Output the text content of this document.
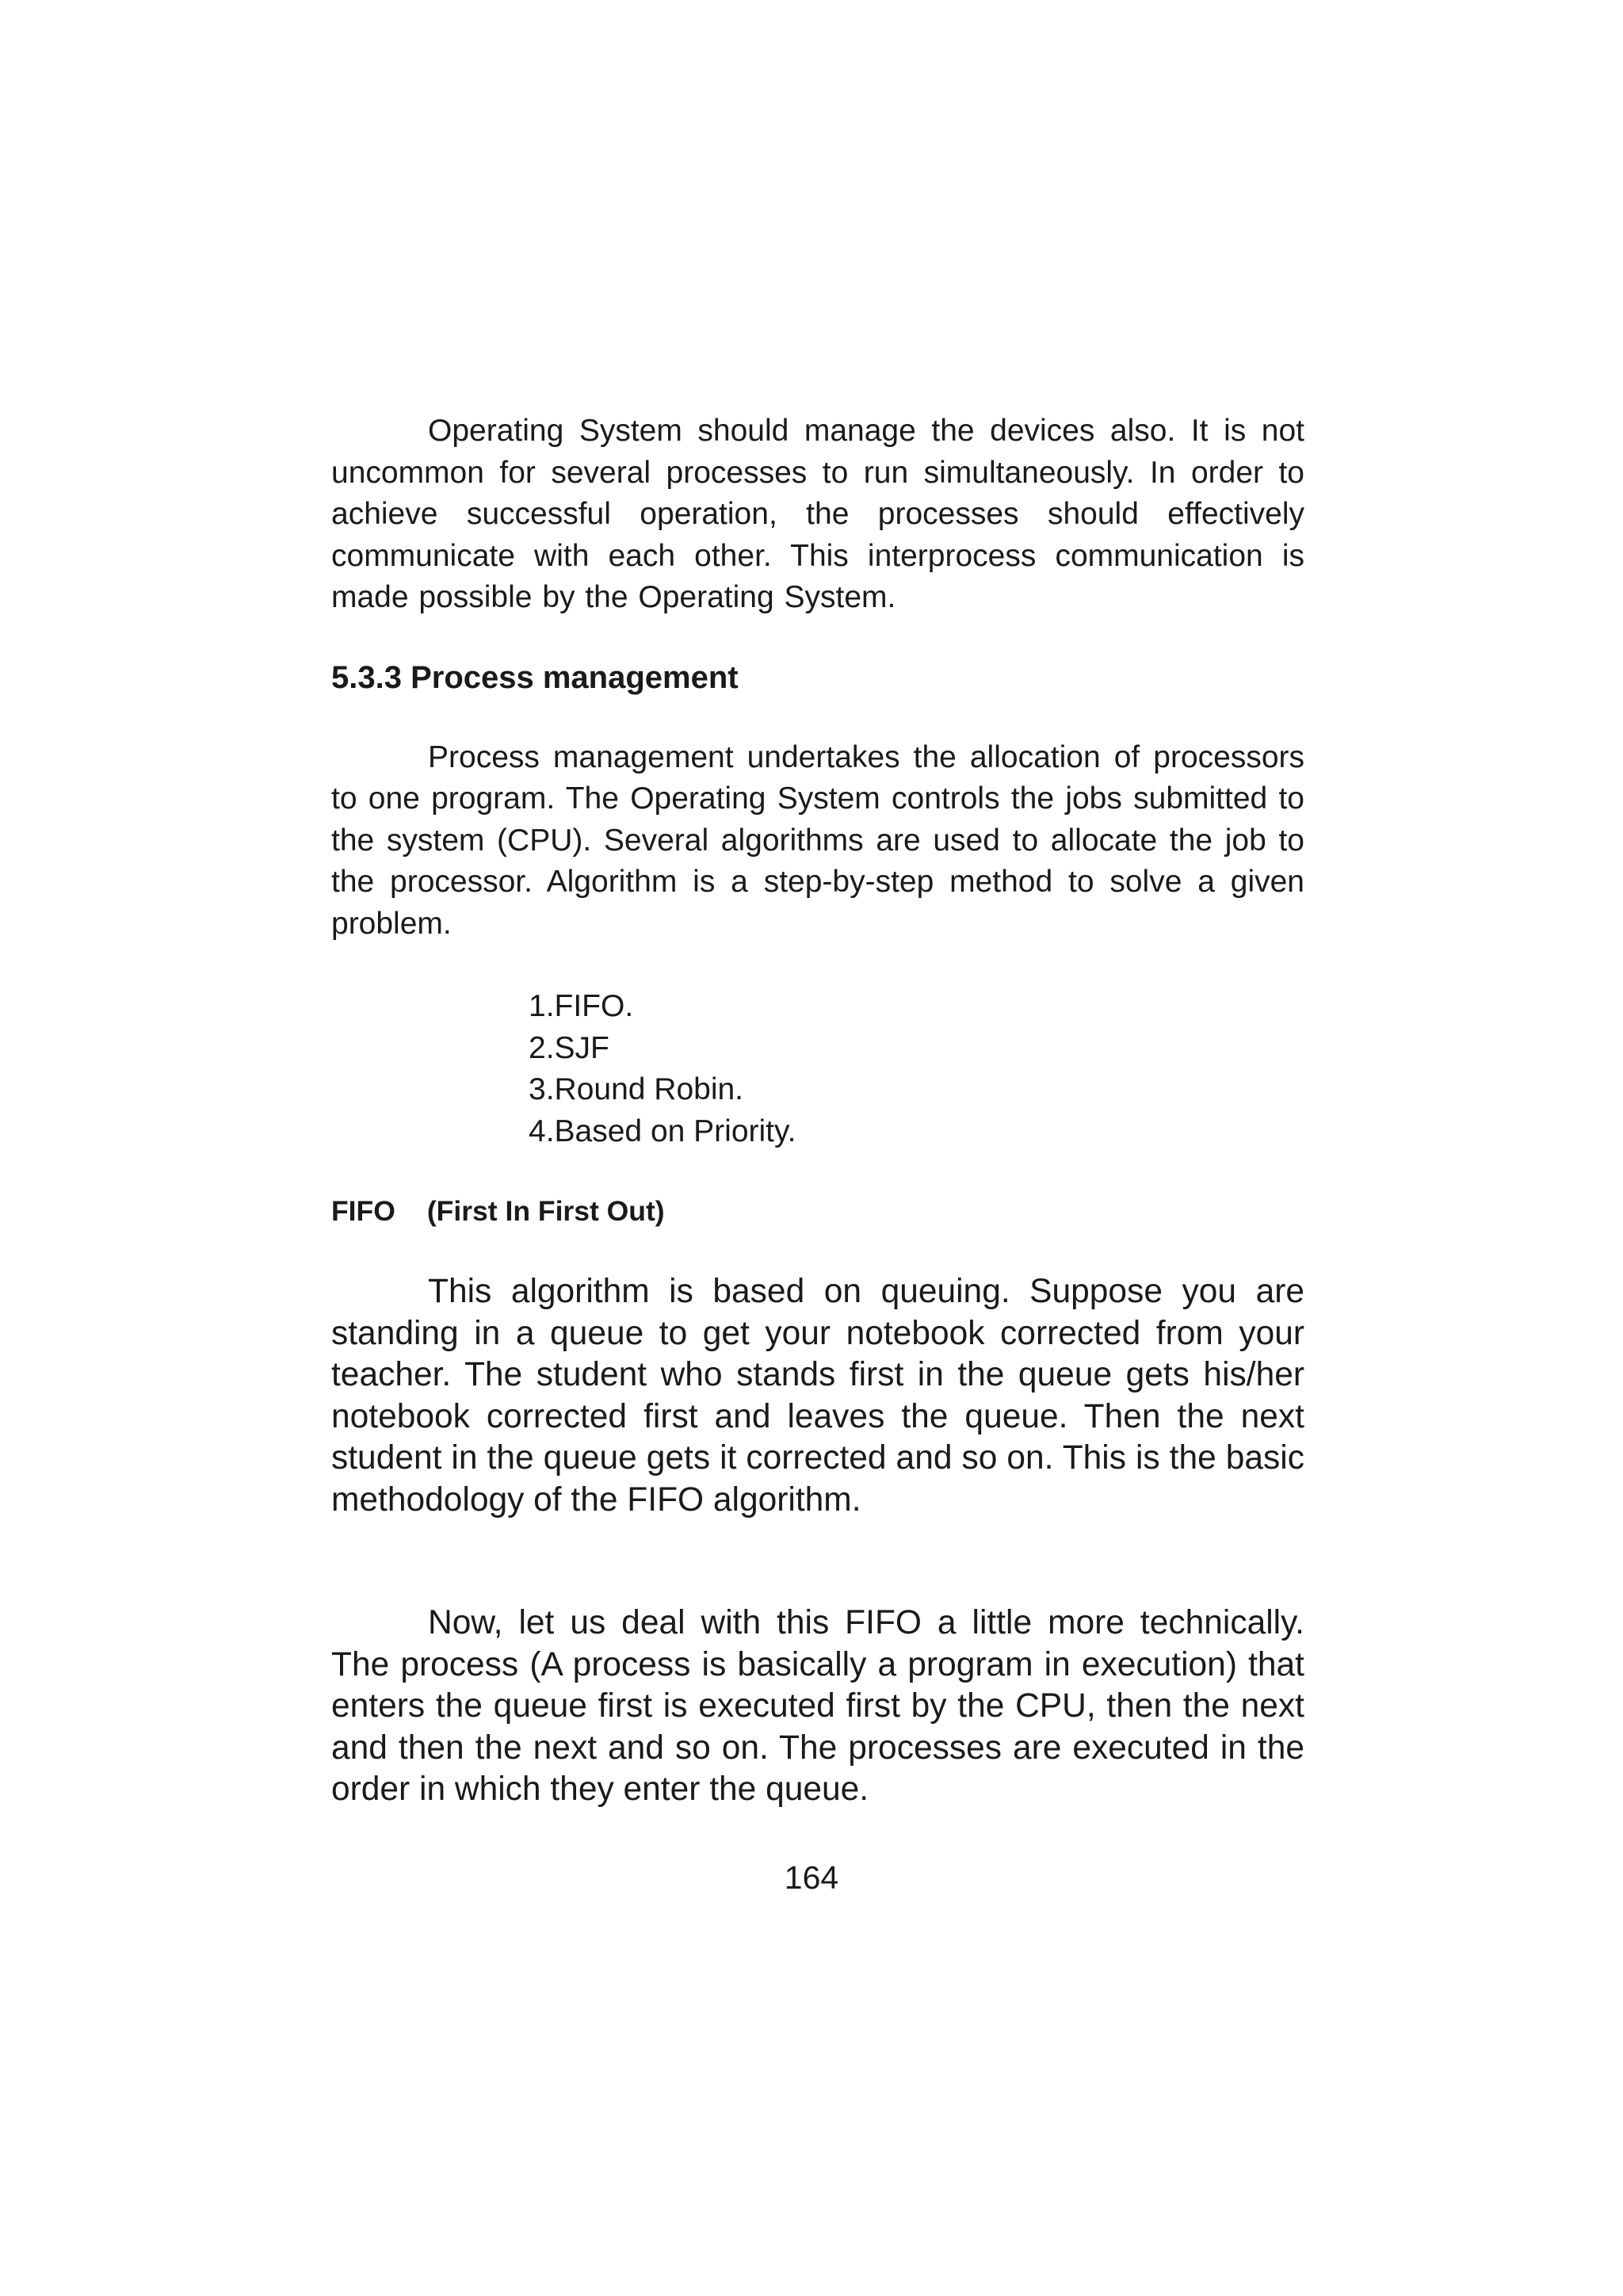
Operating System should manage the devices also. It is not uncommon for several processes to run simultaneously. In order to achieve successful operation, the processes should effectively communicate with each other. This interprocess communication is made possible by the Operating System.

5.3.3 Process management

Process management undertakes the allocation of processors to one program. The Operating System controls the jobs submitted to the system (CPU). Several algorithms are used to allocate the job to the processor. Algorithm is a step-by-step method to solve a given problem.

1.FIFO.
2.SJF
3.Round Robin.
4.Based on Priority.
FIFO (First In First Out)

This algorithm is based on queuing. Suppose you are standing in a queue to get your notebook corrected from your teacher. The student who stands first in the queue gets his/her notebook corrected first and leaves the queue. Then the next student in the queue gets it corrected and so on. This is the basic methodology of the FIFO algorithm.

Now, let us deal with this FIFO a little more technically. The process (A process is basically a program in execution) that enters the queue first is executed first by the CPU, then the next and then the next and so on. The processes are executed in the order in which they enter the queue.

164
